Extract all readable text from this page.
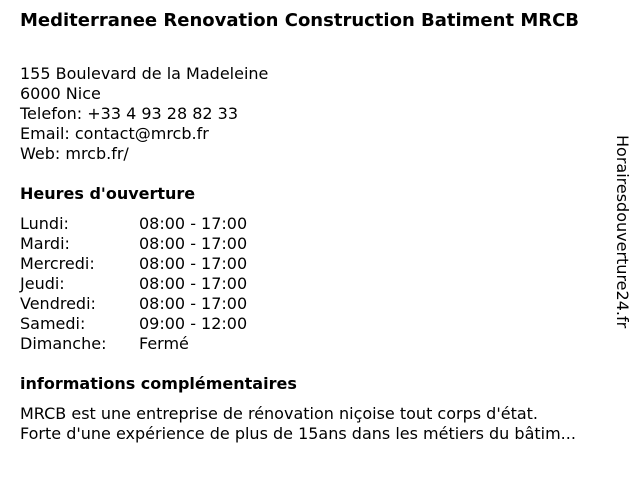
Mediterranee Renovation Construction Batiment MRCB
155 Boulevard de la Madeleine
6000 Nice
Telefon: +33 4 93 28 82 33
Email: contact@mrcb.fr
Web: mrcb.fr/
Heures d'ouverture
Lundi:	08:00 - 17:00
Mardi:	08:00 - 17:00
Mercredi:	08:00 - 17:00
Jeudi:	08:00 - 17:00
Vendredi:	08:00 - 17:00
Samedi:	09:00 - 12:00
Dimanche:	Fermé
informations complémentaires
MRCB est une entreprise de rénovation niçoise tout corps d'état.
Forte d'une expérience de plus de 15ans dans les métiers du bâtim...
Horairesdouverture24.fr
